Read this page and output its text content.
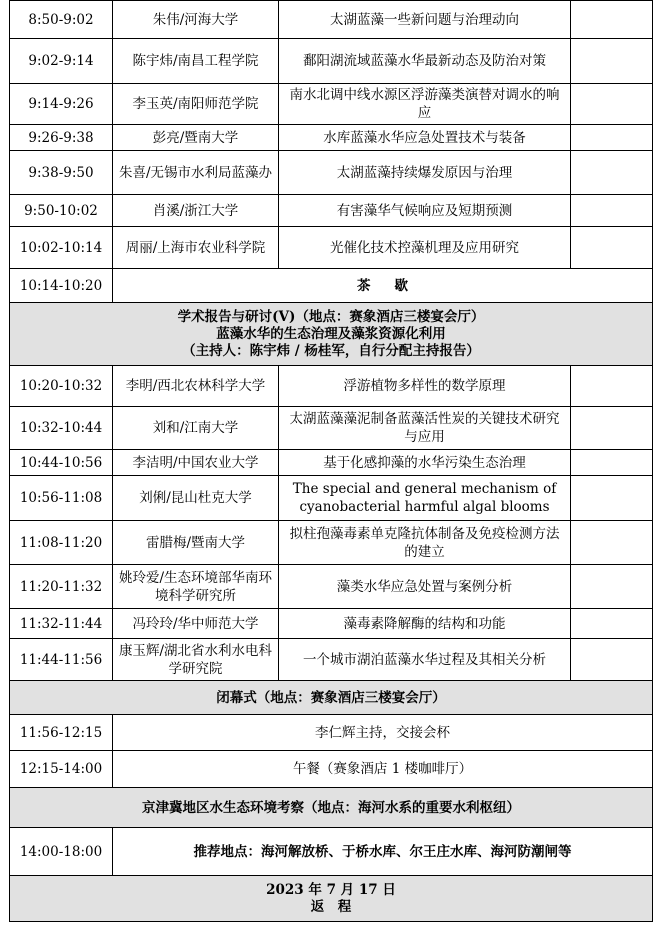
8:50-9:02	朱伟/河海大学	太湖蓝藻一些新问题与治理动向	
9:02-9:14	陈宇炜/南昌工程学院	鄱阳湖流域蓝藻水华最新动态及防治对策	
9:14-9:26	李玉英/南阳师范学院	南水北调中线水源区浮游藻类演替对调水的响应	
9:26-9:38	彭亮/暨南大学	水库蓝藻水华应急处置技术与装备	
9:38-9:50	朱喜/无锡市水利局蓝藻办	太湖蓝藻持续爆发原因与治理	
9:50-10:02	肖溪/浙江大学	有害藻华气候响应及短期预测	
10:02-10:14	周丽/上海市农业科学院	光催化技术控藻机理及应用研究	
10:14-10:20	茶 歇		

学术报告与研讨(V)（地点：赛象酒店三楼宴会厅）
蓝藻水华的生态治理及藻浆资源化利用
（主持人：陈宇炜 / 杨桂军，自行分配主持报告）			

10:20-10:32	李明/西北农林科学大学	浮游植物多样性的数学原理	
10:32-10:44	刘和/江南大学	太湖蓝藻藻泥制备蓝藻活性炭的关键技术研究与应用	
10:44-10:56	李洁明/中国农业大学	基于化感抑藻的水华污染生态治理	
10:56-11:08	刘俐/昆山杜克大学	The special and general mechanism of cyanobacterial harmful algal blooms	
11:08-11:20	雷腊梅/暨南大学	拟柱孢藻毒素单克隆抗体制备及免疫检测方法的建立	
11:20-11:32	姚玲爱/生态环境部华南环境科学研究所	藻类水华应急处置与案例分析	
11:32-11:44	冯玲玲/华中师范大学	藻毒素降解酶的结构和功能	
11:44-11:56	康玉辉/湖北省水利水电科学研究院	一个城市湖泊蓝藻水华过程及其相关分析	
闭幕式（地点：赛象酒店三楼宴会厅）			
11:56-12:15	李仁辉主持，交接会杯		
12:15-14:00	午餐（赛象酒店 1 楼咖啡厅）		
京津冀地区水生态环境考察（地点：海河水系的重要水利枢纽）			
14:00-18:00	推荐地点：海河解放桥、于桥水库、尔王庄水库、海河防潮闸等		

2023 年 7 月 17 日
返　程			
